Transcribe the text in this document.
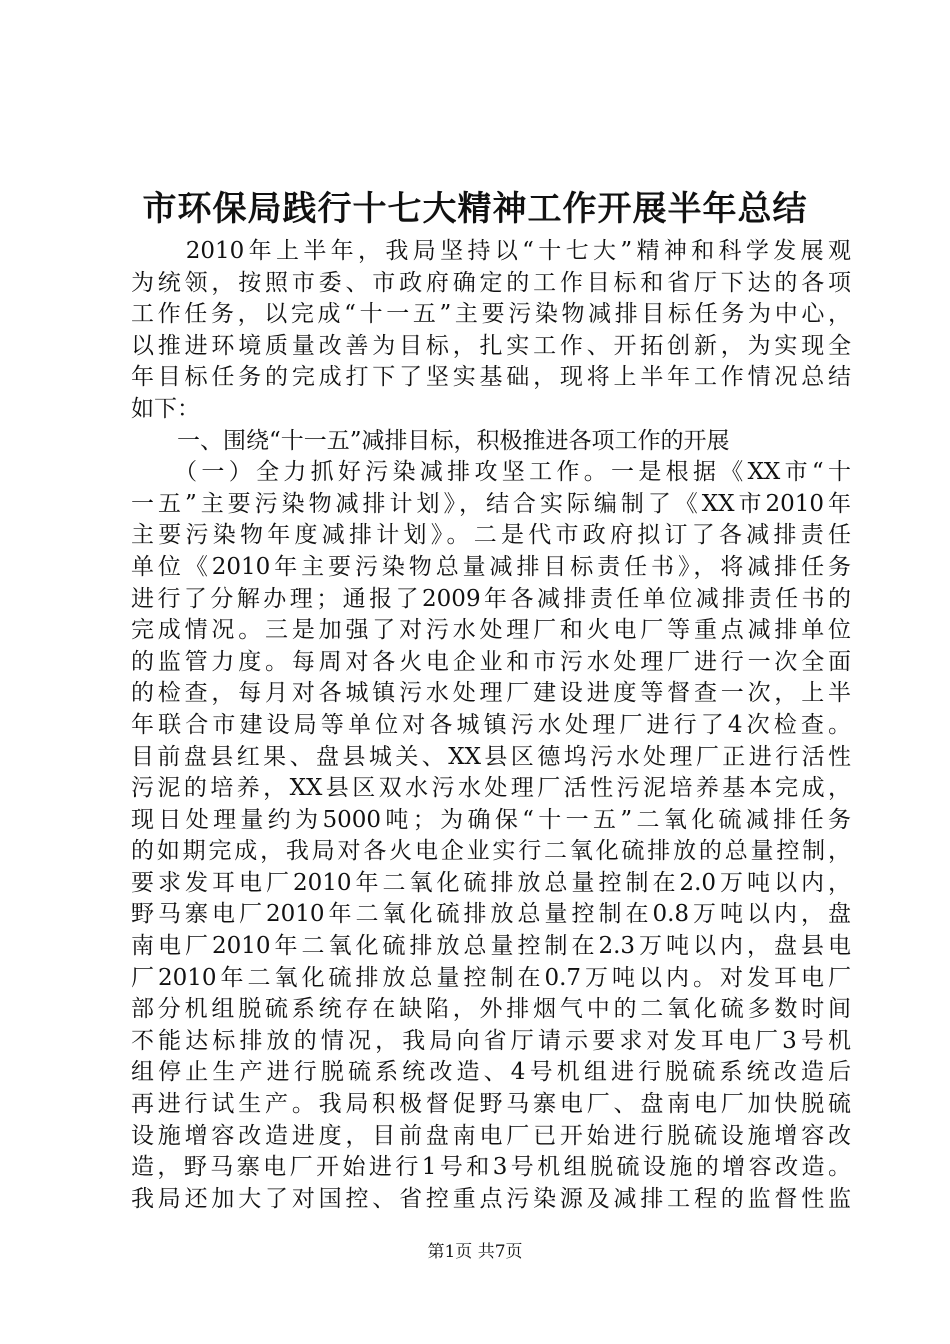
市环保局践行十七大精神工作开展半年总结
　　2010年上半年，我局坚持以“十七大”精神和科学发展观
为统领，按照市委、市政府确定的工作目标和省厅下达的各项
工作任务，以完成“十一五”主要污染物减排目标任务为中心，
以推进环境质量改善为目标，扎实工作、开拓创新，为实现全
年目标任务的完成打下了坚实基础，现将上半年工作情况总结
如下：
　　一、围绕“十一五”减排目标，积极推进各项工作的开展
　　（一）全力抓好污染减排攻坚工作。一是根据《XX市“十
一五”主要污染物减排计划》，结合实际编制了《XX市2010年
主要污染物年度减排计划》。二是代市政府拟订了各减排责任
单位《2010年主要污染物总量减排目标责任书》，将减排任务
进行了分解办理；通报了2009年各减排责任单位减排责任书的
完成情况。三是加强了对污水处理厂和火电厂等重点减排单位
的监管力度。每周对各火电企业和市污水处理厂进行一次全面
的检查，每月对各城镇污水处理厂建设进度等督查一次，上半
年联合市建设局等单位对各城镇污水处理厂进行了4次检查。
目前盘县红果、盘县城关、XX县区德坞污水处理厂正进行活性
污泥的培养，XX县区双水污水处理厂活性污泥培养基本完成，
现日处理量约为5000吨；为确保“十一五”二氧化硫减排任务
的如期完成，我局对各火电企业实行二氧化硫排放的总量控制，
要求发耳电厂2010年二氧化硫排放总量控制在2.0万吨以内，
野马寨电厂2010年二氧化硫排放总量控制在0.8万吨以内，盘
南电厂2010年二氧化硫排放总量控制在2.3万吨以内，盘县电
厂2010年二氧化硫排放总量控制在0.7万吨以内。对发耳电厂
部分机组脱硫系统存在缺陷，外排烟气中的二氧化硫多数时间
不能达标排放的情况，我局向省厅请示要求对发耳电厂3号机
组停止生产进行脱硫系统改造、4号机组进行脱硫系统改造后
再进行试生产。我局积极督促野马寨电厂、盘南电厂加快脱硫
设施增容改造进度，目前盘南电厂已开始进行脱硫设施增容改
造，野马寨电厂开始进行1号和3号机组脱硫设施的增容改造。
我局还加大了对国控、省控重点污染源及减排工程的监督性监
第1页 共7页
